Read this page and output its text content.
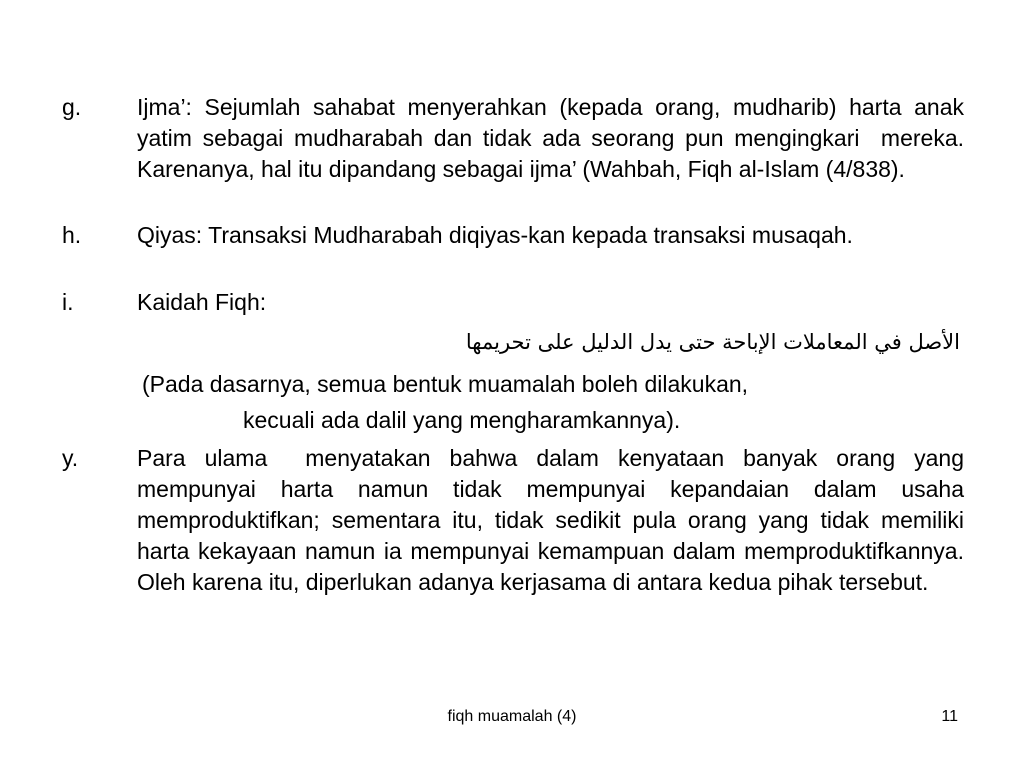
g.	Ijma’: Sejumlah sahabat menyerahkan (kepada orang, mudharib) harta anak yatim sebagai mudharabah dan tidak ada seorang pun mengingkari  mereka. Karenanya, hal itu dipandang sebagai ijma’ (Wahbah, Fiqh al-Islam (4/838).
h.	Qiyas: Transaksi Mudharabah diqiyas-kan kepada transaksi musaqah.
i.	Kaidah Fiqh:
الأصل في المعاملات الإباحة حتى يدل الدليل على تحريمها
(Pada dasarnya, semua bentuk muamalah boleh dilakukan,
kecuali ada dalil yang mengharamkannya).
y.	Para ulama  menyatakan bahwa dalam kenyataan banyak orang yang mempunyai harta namun tidak mempunyai kepandaian dalam usaha memproduktifkan; sementara itu, tidak sedikit pula orang yang tidak memiliki harta kekayaan namun ia mempunyai kemampuan dalam memproduktifkannya. Oleh karena itu, diperlukan adanya kerjasama di antara kedua pihak tersebut.
fiqh muamalah (4)	11
